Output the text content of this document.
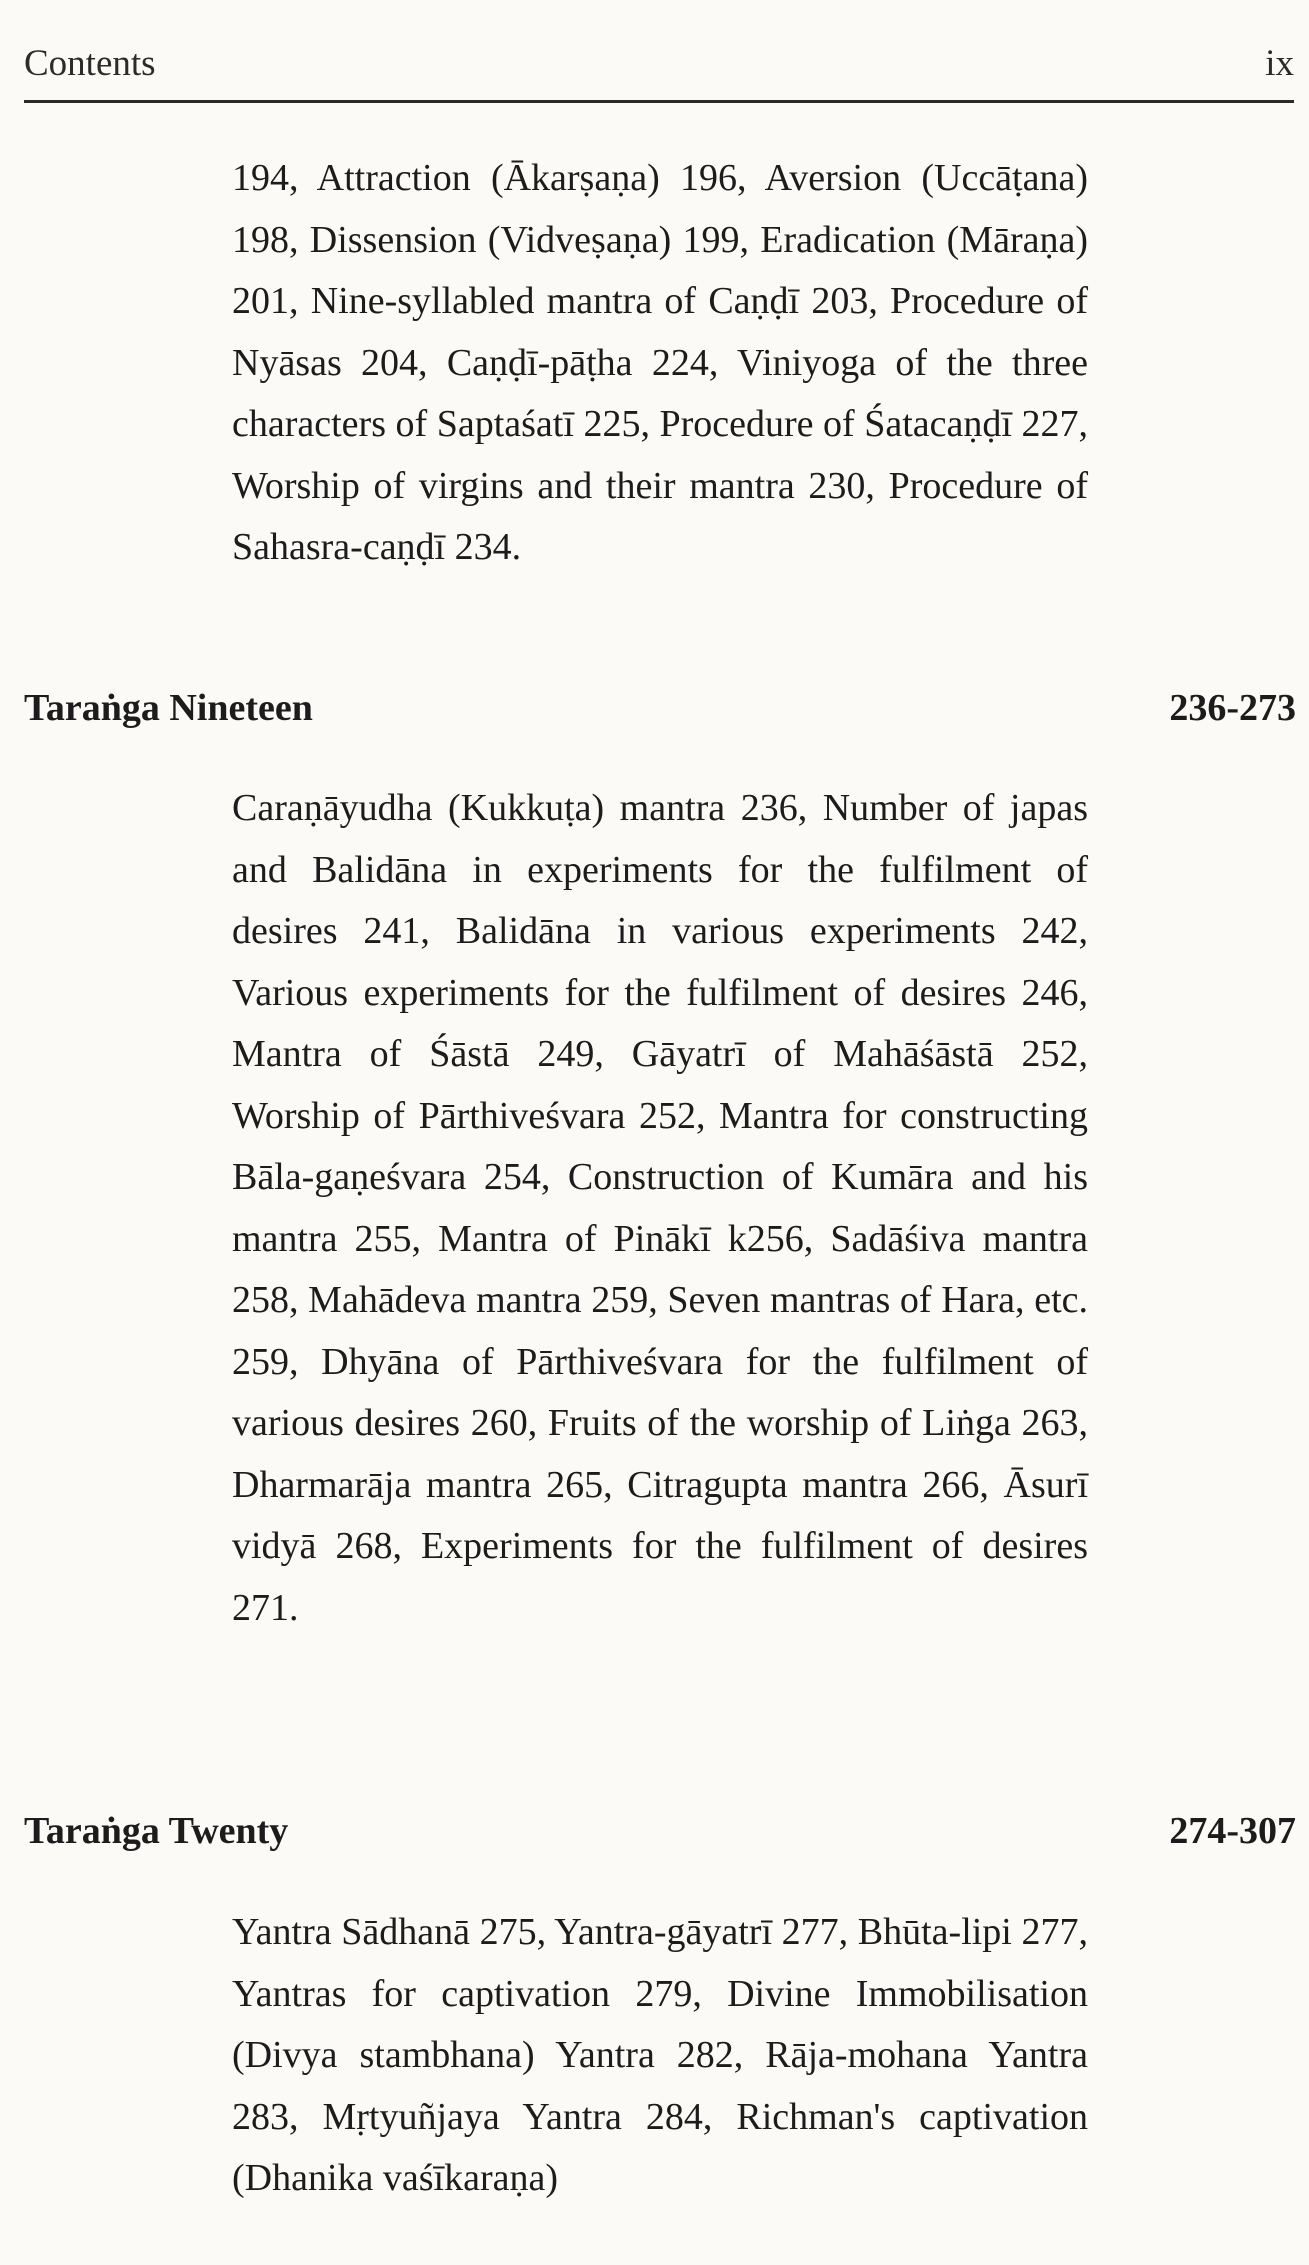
Contents	ix

194, Attraction (Ākarṣaṇa) 196, Aversion (Uccāṭana) 198, Dissension (Vidveṣaṇa) 199, Eradication (Māraṇa) 201, Nine-syllabled mantra of Caṇḍī 203, Procedure of Nyāsas 204, Caṇḍī-pāṭha 224, Viniyoga of the three characters of Saptaśatī 225, Procedure of Śatacaṇḍī 227, Worship of virgins and their mantra 230, Procedure of Sahasra-caṇḍī 234.

Taraṅga Nineteen	236-273

Caraṇāyudha (Kukkuṭa) mantra 236, Number of japas and Balidāna in experiments for the fulfilment of desires 241, Balidāna in various experiments 242, Various experiments for the fulfilment of desires 246, Mantra of Śāstā 249, Gāyatrī of Mahāśāstā 252, Worship of Pārthiveśvara 252, Mantra for constructing Bāla-gaṇeśvara 254, Construction of Kumāra and his mantra 255, Mantra of Pinākī k256, Sadāśiva mantra 258, Mahādeva mantra 259, Seven mantras of Hara, etc. 259, Dhyāna of Pārthiveśvara for the fulfilment of various desires 260, Fruits of the worship of Liṅga 263, Dharmarāja mantra 265, Citragupta mantra 266, Āsurī vidyā 268, Experiments for the fulfilment of desires 271.

Taraṅga Twenty	274-307

Yantra Sādhanā 275, Yantra-gāyatrī 277, Bhūta-lipi 277, Yantras for captivation 279, Divine Immobilisation (Divya stambhana) Yantra 282, Rāja-mohana Yantra 283, Mṛtyuñjaya Yantra 284, Richman's captivation (Dhanika vaśīkaraṇa)
